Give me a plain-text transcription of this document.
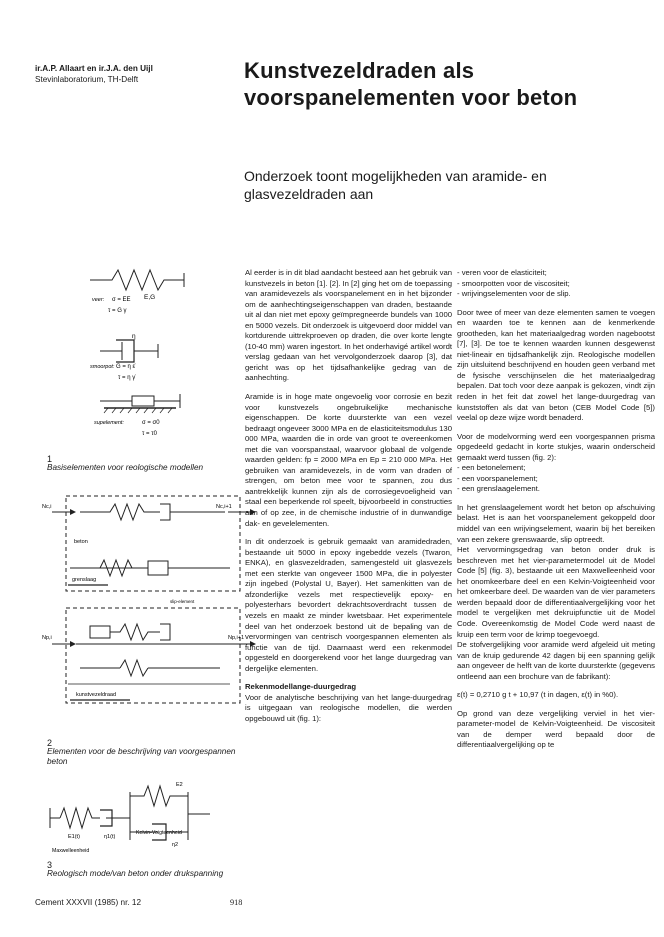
ir.A.P. Allaart en ir.J.A. den Uijl
Stevinlaboratorium, TH-Delft	Kunstvezeldraden als voorspanelementen voor beton
Onderzoek toont mogelijkheden van aramide- en glasvezeldraden aan
E,G
veer: σ = EE
τ = G γ
η
smoorpot: G = η ε̇
τ = η γ̇
supelement:	σ = σ0
τ = τ0
1
Basiselementen voor reologische modellen
Nc,i	Nc,i+1
beton
grenslaag
slip-element
Np,i	Np,i+1
kunstvezeldraad
2
Elementen voor de beschrijving van voorgespannen beton
E1(t)	η1(t)
E2
η2
Maxwelleenheid
Kelvin-Voigteenheid
3
Reologisch mode/van beton onder drukspanning

Al eerder is in dit blad aandacht besteed aan het gebruik van kunstvezels in beton [1]. [2]. In [2] ging het om de toepassing van aramidevezels als voorspanelement en in het bijzonder om de aanhechtingseigenschappen van draden, bestaande uit al dan niet met epoxy geïmpregneerde bundels van 1000 en 5000 vezels. Dit onderzoek is uitgevoerd door middel van kortdurende uittrekproeven op draden, die over korte lengte (10-40 mm) waren ingestort. In het onderhavigé artikel wordt verslag gedaan van het vervolgonderzoek daarop [3], dat gericht was op het tijdsafhankelijke gedrag van de aanhechting.

Aramide is in hoge mate ongevoelig voor corrosie en bezit voor kunstvezels ongebruikelijke mechanische eigenschappen. De korte duursterkte van een vezel bedraagt ongeveer 3000 MPa en de elasticiteitsmodulus 130 000 MPa, waarden die in orde van groot te overeenkomen met die van voorspanstaal, waarvoor globaal de volgende waarden gelden: fp = 2000 MPa en Ep = 210 000 MPa. Het gebruiken van aramidevezels, in de vorm van draden of strengen, om beton mee voor te spannen, zou dus aantrekkelijk kunnen zijn als de corrosiegevoeligheid van staal een beperkende rol speelt, bijvoorbeeld in constructies aan of op zee, in de chemische industrie of in dunwandige dak- en gevelelementen.

In dit onderzoek is gebruik gemaakt van aramidedraden, bestaande uit 5000 in epoxy ingebedde vezels (Twaron, ENKA), en glasvezeldraden, samengesteld uit glasvezels met een sterkte van ongeveer 1500 MPa, die in polyester zijn ingebed (Polystal U, Bayer). Het samenkitten van de afzonderlijke vezels met respectievelijk epoxy- en polyesterhars bevordert dekrachtsoverdracht tussen de vezels en maakt ze minder kwetsbaar. Het experimentele deel van het onderzoek bestond uit de bepaling van de vervormingen van centrisch voorgespannen elementen als functie van de tijd. Daarnaast werd een rekenmodel opgesteld en doorgerekend voor het lange duurgedrag van dergelijke elementen.

Rekenmodellange-duurgedrag

Voor de analytische beschrijving van het lange-duurgedrag is uitgegaan van reologische modellen, die werden opgebouwd uit (fig. 1):

- veren voor de elasticiteit;
- smoorpotten voor de viscositeit;
- wrijvingselementen voor de slip.

Door twee of meer van deze elementen samen te voegen en waarden toe te kennen aan de kenmerkende grootheden, kan het materiaalgedrag worden nagebootst [7], [3]. De toe te kennen waarden kunnen desgewenst niet-lineair en tijdsafhankelijk zijn. Reologische modellen zijn uitsluitend beschrijvend en houden geen verband met de fysische verschijnselen die het materiaalgedrag bepalen. Dat toch voor deze aanpak is gekozen, vindt zijn reden in het feit dat zowel het lange-duurgedrag van kunststoffen als dat van beton (CEB Model Code [5]) veelal op deze wijze wordt benaderd.

Voor de modelvorming werd een voorgespannen prisma opgedeeld gedacht in korte stukjes, waarin onderscheid gemaakt werd tussen (fig. 2):

- een betonelement;
- een voorspanelement;
- een grenslaagelement.

In het grenslaagelement wordt het beton op afschuiving belast. Het is aan het voorspanelement gekoppeld door middel van een wrijvingselement, waarin bij het bereiken van een zekere grenswaarde, slip optreedt.

Het vervormingsgedrag van beton onder druk is beschreven met het vier-parametermodel uit de Model Code [5] (fig. 3), bestaande uit een Maxwelleenheid voor het onomkeerbare deel en een Kelvin-Voigteenheid voor het omkeerbare deel. De waarden van de vier parameters werden bepaald door de differentiaalvergelijking voor het model te vergelijken met dekruipfunctie uit de Model Code. Overeenkomstig de Model Code werd naast de kruip een term voor de krimp toegevoegd.

De stofvergelijking voor aramide werd afgeleid uit meting van de kruip gedurende 42 dagen bij een spanning gelijk aan ongeveer de helft van de korte duursterkte (gegevens ontleend aan een brochure van de fabrikant):

ε(t) = 0,2710 g t + 10,97 (t in dagen, ε(t) in %0).

Op grond van deze vergelijking verviel in het vier-parameter-model de Kelvin-Voigteenheid. De viscositeit van de demper werd bepaald door de differentiaalvergelijking op te

Cement XXXVII (1985) nr. 12	918
